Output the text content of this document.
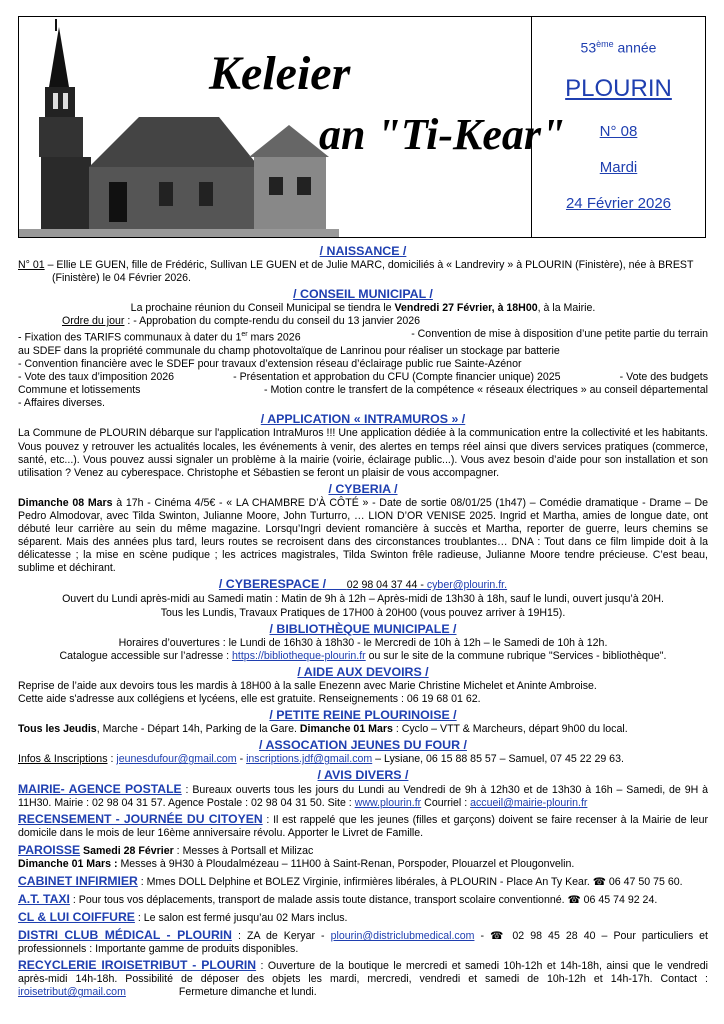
Keleier
an "Ti-Kear"
53ème année
PLOURIN
N° 08
Mardi
24 Février 2026
/ NAISSANCE /

N° 01 – Ellie LE GUEN, fille de Frédéric, Sullivan LE GUEN et de Julie MARC, domiciliés à « Landreviry » à PLOURIN (Finistère), née à BREST

(Finistère) le 04 Février 2026.

/ CONSEIL MUNICIPAL /

La prochaine réunion du Conseil Municipal se tiendra le Vendredi 27 Février, à 18H00, à la Mairie.

Ordre du jour : - Approbation du compte-rendu du conseil du 13 janvier 2026

- Fixation des TARIFS communaux à dater du 1er mars 2026	- Convention de mise à disposition d’une petite partie du terrain

au SDEF dans la propriété communale du champ photovoltaïque de Lanrinou pour réaliser un stockage par batterie

- Convention financière avec le SDEF pour travaux d’extension réseau d’éclairage public rue Sainte-Azénor

- Vote des taux d’imposition 2026	- Présentation et approbation du CFU (Compte financier unique) 2025	- Vote des budgets
Commune et lotissements	- Motion contre le transfert de la compétence « réseaux électriques » au conseil départemental

- Affaires diverses.

/ APPLICATION « INTRAMUROS » /

La Commune de PLOURIN débarque sur l'application IntraMuros !!! Une application dédiée à la communication entre la collectivité et les habitants. Vous pouvez y retrouver les actualités locales, les événements à venir, des alertes en temps réel ainsi que divers services pratiques (commerce, santé, etc...). Vous pouvez aussi signaler un problème à la mairie (voirie, éclairage public...). Vous avez besoin d’aide pour son installation et son utilisation ? Venez au cyberespace. Christophe et Sébastien se feront un plaisir de vous accompagner.

/ CYBERIA /

Dimanche 08 Mars à 17h - Cinéma 4/5€ - « LA CHAMBRE D’À CÔTÉ » - Date de sortie 08/01/25 (1h47) – Comédie dramatique - Drame – De Pedro Almodovar, avec Tilda Swinton, Julianne Moore, John Turturro, … LION D’OR VENISE 2025. Ingrid et Martha, amies de longue date, ont débuté leur carrière au sein du même magazine. Lorsqu’Ingri devient romancière à succès et Martha, reporter de guerre, leurs chemins se séparent. Mais des années plus tard, leurs routes se recroisent dans des circonstances troublantes… DNA : Tout dans ce film limpide doit à la délicatesse ; la mise en scène pudique ; les actrices magistrales, Tilda Swinton frêle radieuse, Julianne Moore tendre précieuse. C’est beau, sublime et déchirant.

/ CYBERESPACE / 02 98 04 37 44 - cyber@plourin.fr.

Ouvert du Lundi après-midi au Samedi matin : Matin de 9h à 12h – Après-midi de 13h30 à 18h, sauf le lundi, ouvert jusqu’à 20H.

Tous les Lundis, Travaux Pratiques de 17H00 à 20H00 (vous pouvez arriver à 19H15).

/ BIBLIOTHÈQUE MUNICIPALE /

Horaires d’ouvertures : le Lundi de 16h30 à 18h30 - le Mercredi de 10h à 12h – le Samedi de 10h à 12h.

Catalogue accessible sur l’adresse : https://bibliotheque-plourin.fr ou sur le site de la commune rubrique "Services - bibliothèque".

/ AIDE AUX DEVOIRS /

Reprise de l’aide aux devoirs tous les mardis à 18H00 à la salle Enezenn avec Marie Christine Michelet et Aninte Ambroise.

Cette aide s'adresse aux collégiens et lycéens, elle est gratuite. Renseignements : 06 19 68 01 62.

/ PETITE REINE PLOURINOISE /

Tous les Jeudis, Marche - Départ 14h, Parking de la Gare. Dimanche 01 Mars : Cyclo – VTT & Marcheurs, départ 9h00 du local.

/ ASSOCATION JEUNES DU FOUR /

Infos & Inscriptions : jeunesdufour@gmail.com - inscriptions.jdf@gmail.com – Lysiane, 06 15 88 85 57 – Samuel, 07 45 22 29 63.

/ AVIS DIVERS /

MAIRIE- AGENCE POSTALE : Bureaux ouverts tous les jours du Lundi au Vendredi de 9h à 12h30 et de 13h30 à 16h – Samedi, de 9H à 11H30. Mairie : 02 98 04 31 57. Agence Postale : 02 98 04 31 50. Site : www.plourin.fr Courriel : accueil@mairie-plourin.fr

RECENSEMENT - JOURNÉE DU CITOYEN : Il est rappelé que les jeunes (filles et garçons) doivent se faire recenser à la Mairie de leur domicile dans le mois de leur 16ème anniversaire révolu. Apporter le Livret de Famille.

PAROISSE Samedi 28 Février : Messes à Portsall et Milizac

Dimanche 01 Mars : Messes à 9H30 à Ploudalmézeau – 11H00 à Saint-Renan, Porspoder, Plouarzel et Plougonvelin.

CABINET INFIRMIER : Mmes DOLL Delphine et BOLEZ Virginie, infirmières libérales, à PLOURIN - Place An Ty Kear. ☎ 06 47 50 75 60.

A.T. TAXI : Pour tous vos déplacements, transport de malade assis toute distance, transport scolaire conventionné. ☎ 06 45 74 92 24.

CL & LUI COIFFURE : Le salon est fermé jusqu’au 02 Mars inclus.

DISTRI CLUB MÉDICAL - PLOURIN : ZA de Keryar - plourin@districlubmedical.com - ☎ 02 98 45 28 40 – Pour particuliers et professionnels : Importante gamme de produits disponibles.

RECYCLERIE IROISETRIBUT - PLOURIN : Ouverture de la boutique le mercredi et samedi 10h-12h et 14h-18h, ainsi que le vendredi après-midi 14h-18h. Possibilité de déposer des objets les mardi, mercredi, vendredi et samedi de 10h-12h et 14h-17h. Contact : iroisetribut@gmail.com                  Fermeture dimanche et lundi.
